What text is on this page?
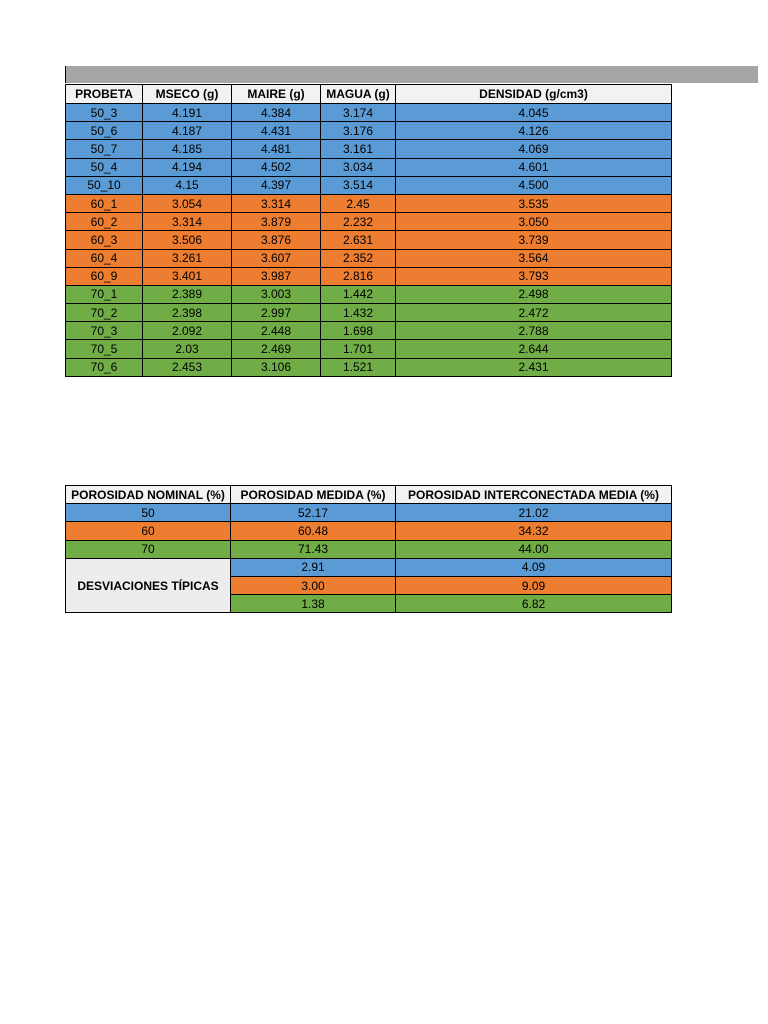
PROBETA	MSECO (g)	MAIRE (g)	MAGUA (g)	DENSIDAD (g/cm3)
50_3	4.191	4.384	3.174	4.045
50_6	4.187	4.431	3.176	4.126
50_7	4.185	4.481	3.161	4.069
50_4	4.194	4.502	3.034	4.601
50_10	4.15	4.397	3.514	4.500
60_1	3.054	3.314	2.45	3.535
60_2	3.314	3.879	2.232	3.050
60_3	3.506	3.876	2.631	3.739
60_4	3.261	3.607	2.352	3.564
60_9	3.401	3.987	2.816	3.793
70_1	2.389	3.003	1.442	2.498
70_2	2.398	2.997	1.432	2.472
70_3	2.092	2.448	1.698	2.788
70_5	2.03	2.469	1.701	2.644
70_6	2.453	3.106	1.521	2.431
POROSIDAD NOMINAL (%)	POROSIDAD MEDIDA (%)	POROSIDAD INTERCONECTADA MEDIA (%)
50	52.17	21.02
60	60.48	34.32
70	71.43	44.00
DESVIACIONES TÍPICAS	2.91	4.09
	3.00	9.09
	1.38	6.82
